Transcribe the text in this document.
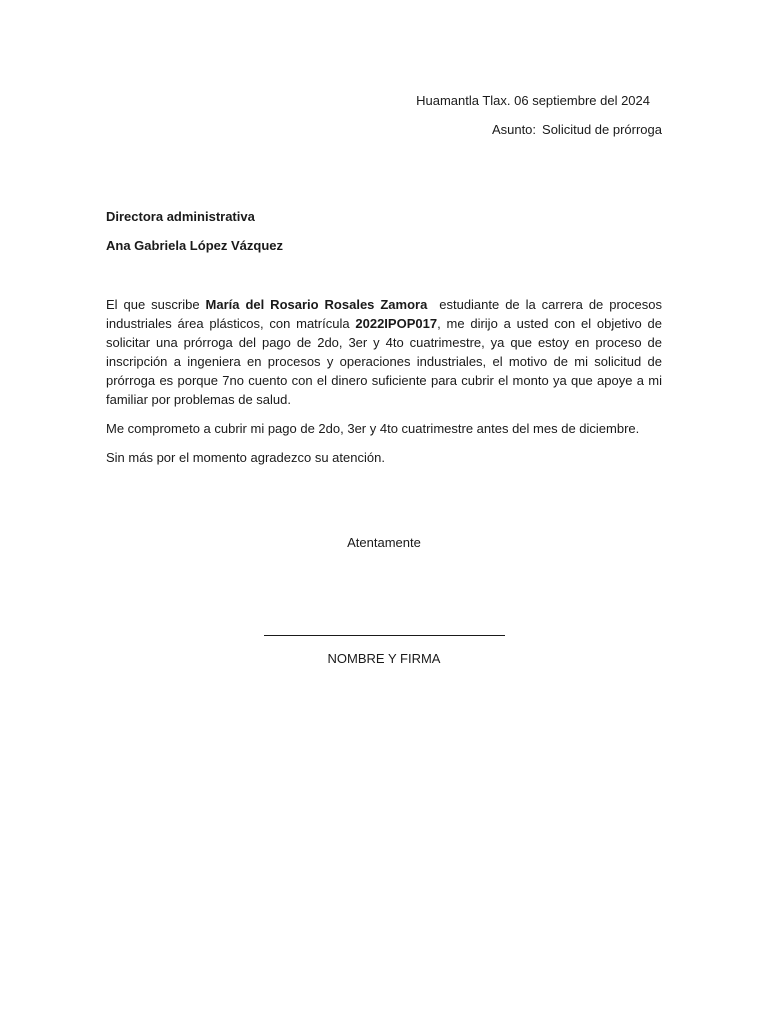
Huamantla Tlax. 06 septiembre del 2024
Asunto: Solicitud de prórroga
Directora administrativa
Ana Gabriela López Vázquez

El que suscribe María del Rosario Rosales Zamora  estudiante de la carrera de procesos industriales área plásticos, con matrícula 2022IPOP017, me dirijo a usted con el objetivo de solicitar una prórroga del pago de 2do, 3er y 4to cuatrimestre, ya que estoy en proceso de inscripción a ingeniera en procesos y operaciones industriales, el motivo de mi solicitud de prórroga es porque 7no cuento con el dinero suficiente para cubrir el monto ya que apoye a mi familiar por problemas de salud.

Me comprometo a cubrir mi pago de 2do, 3er y 4to cuatrimestre antes del mes de diciembre.

Sin más por el momento agradezco su atención.

Atentamente
NOMBRE Y FIRMA
